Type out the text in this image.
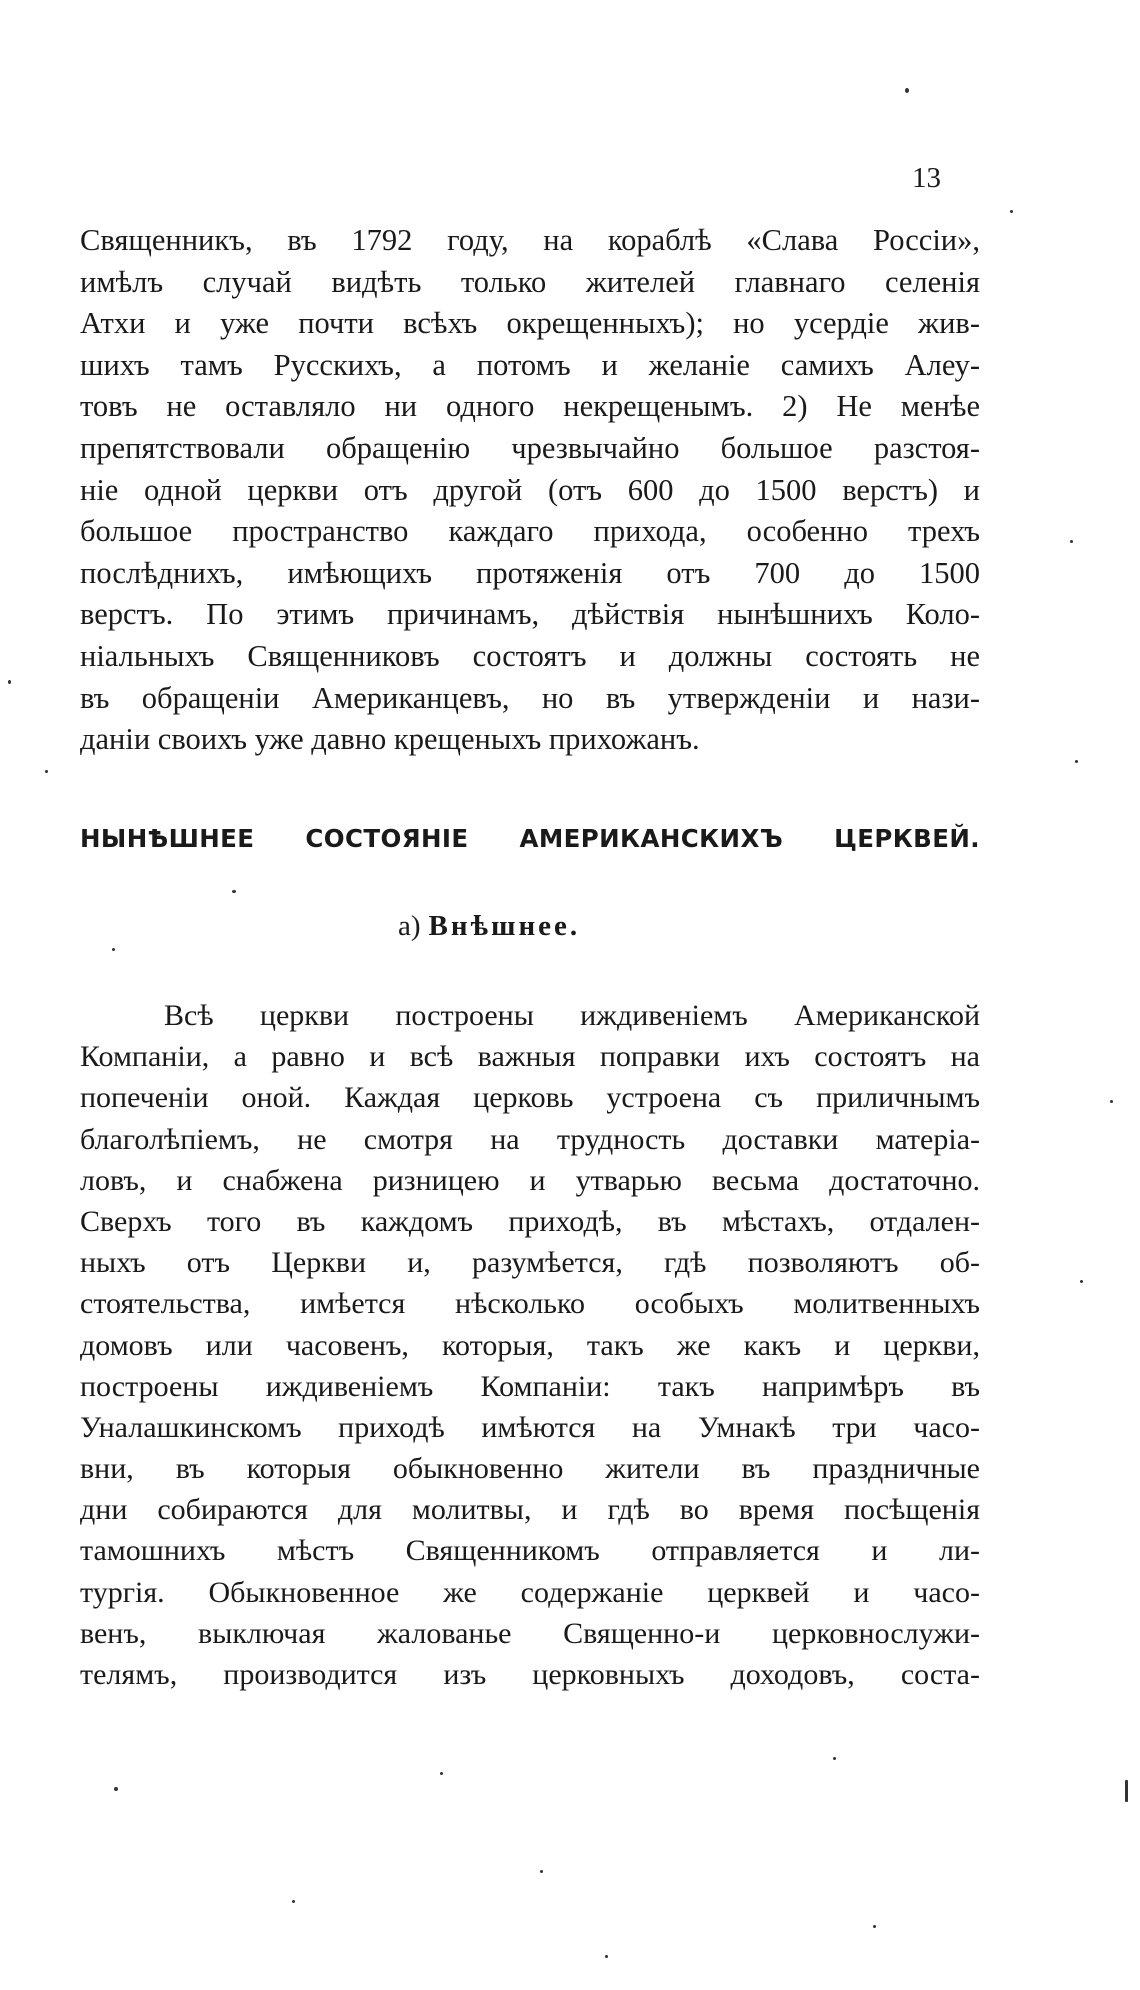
13
Священникъ, въ 1792 году, на кораблѣ «Слава Россіи»,
имѣлъ случай видѣть только жителей главнаго селенія
Атхи и уже почти всѣхъ окрещенныхъ); но усердіе жив-
шихъ тамъ Русскихъ, а потомъ и желаніе самихъ Алеу-
товъ не оставляло ни одного некрещенымъ. 2) Не менѣе
препятствовали обращенію чрезвычайно большое разстоя-
ніе одной церкви отъ другой (отъ 600 до 1500 верстъ) и
большое пространство каждаго прихода, особенно трехъ
послѣднихъ, имѣющихъ протяженія отъ 700 до 1500
верстъ. По этимъ причинамъ, дѣйствія нынѣшнихъ Коло-
ніальныхъ Священниковъ состоятъ и должны состоять не
въ обращеніи Американцевъ, но въ утвержденіи и нази-
даніи своихъ уже давно крещеныхъ прихожанъ.
НЫНѢШНЕЕ СОСТОЯНІЕ АМЕРИКАНСКИХЪ ЦЕРКВЕЙ.
а) Внѣшнее.
Всѣ церкви построены иждивеніемъ Американской
Компаніи, а равно и всѣ важныя поправки ихъ состоятъ на
попеченіи оной. Каждая церковь устроена съ приличнымъ
благолѣпіемъ, не смотря на трудность доставки матеріа-
ловъ, и снабжена ризницею и утварью весьма достаточно.
Сверхъ того въ каждомъ приходѣ, въ мѣстахъ, отдален-
ныхъ отъ Церкви и, разумѣется, гдѣ позволяютъ об-
стоятельства, имѣется нѣсколько особыхъ молитвенныхъ
домовъ или часовенъ, которыя, такъ же какъ и церкви,
построены иждивеніемъ Компаніи: такъ напримѣръ въ
Уналашкинскомъ приходѣ имѣются на Умнакѣ три часо-
вни, въ которыя обыкновенно жители въ праздничные
дни собираются для молитвы, и гдѣ во время посѣщенія
тамошнихъ мѣстъ Священникомъ отправляется и ли-
тургія. Обыкновенное же содержаніе церквей и часо-
венъ, выключая жалованье Священно-и церковнослужи-
телямъ, производится изъ церковныхъ доходовъ, соста-
